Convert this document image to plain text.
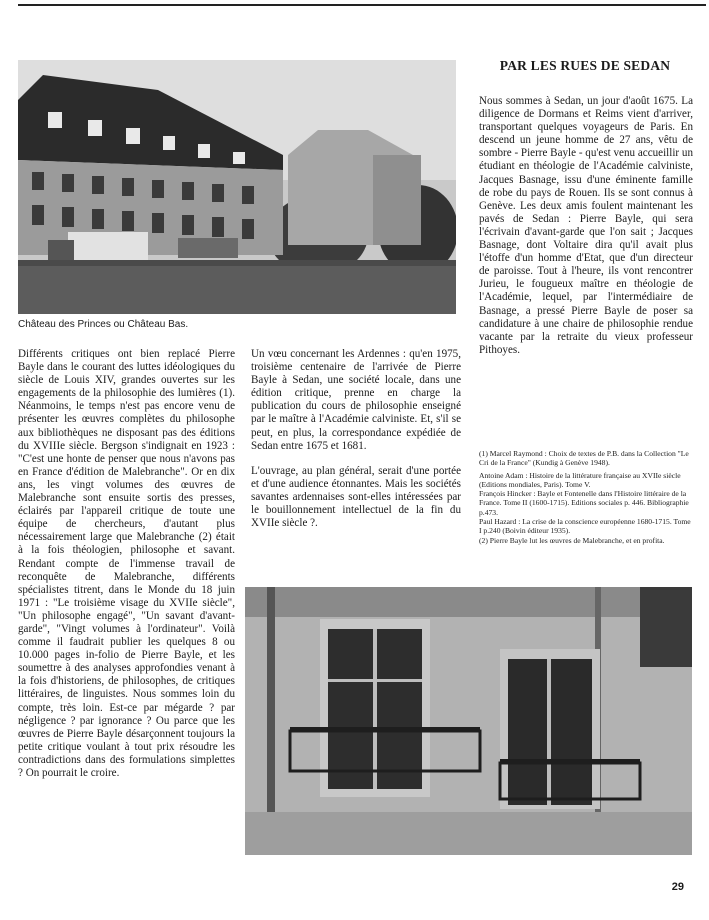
PAR LES RUES DE SEDAN
Château des Princes ou Château Bas.

Nous sommes à Sedan, un jour d'août 1675. La diligence de Dormans et Reims vient d'arriver, transportant quelques voyageurs de Paris. En descend un jeune homme de 27 ans, vêtu de sombre - Pierre Bayle - qu'est venu accueillir un étudiant en théologie de l'Académie calviniste, Jacques Basnage, issu d'une éminente famille de robe du pays de Rouen. Ils se sont connus à Genève. Les deux amis foulent maintenant les pavés de Sedan : Pierre Bayle, qui sera l'écrivain d'avant-garde que l'on sait ; Jacques Basnage, dont Voltaire dira qu'il avait plus l'étoffe d'un homme d'Etat, que d'un directeur de paroisse. Tout à l'heure, ils vont rencontrer Jurieu, le fougueux maître en théologie de l'Académie, lequel, par l'intermédiaire de Basnage, a pressé Pierre Bayle de poser sa candidature à une chaire de philosophie rendue vacante par la retraite du vieux professeur Pithoyes.

Différents critiques ont bien replacé Pierre Bayle dans le courant des luttes idéologiques du siècle de Louis XIV, grandes ouvertes sur les engagements de la philosophie des lumières (1). Néanmoins, le temps n'est pas encore venu de présenter les œuvres complètes du philosophe aux bibliothèques ne disposant pas des éditions du XVIIIe siècle. Bergson s'indignait en 1923 : "C'est une honte de penser que nous n'avons pas en France d'édition de Malebranche". Or en dix ans, les vingt volumes des œuvres de Malebranche sont ensuite sortis des presses, éclairés par l'appareil critique de toute une équipe de chercheurs, d'autant plus nécessairement large que Malebranche (2) était à la fois théologien, philosophe et savant. Rendant compte de l'immense travail de reconquête de Malebranche, différents spécialistes titrent, dans le Monde du 18 juin 1971 : "Le troisième visage du XVIIe siècle", "Un philosophe engagé", "Un savant d'avant-garde", "Vingt volumes à l'ordinateur". Voilà comme il faudrait publier les quelques 8 ou 10.000 pages in-folio de Pierre Bayle, et les soumettre à des analyses approfondies venant à la fois d'historiens, de philosophes, de critiques littéraires, de linguistes. Nous sommes loin du compte, très loin. Est-ce par mégarde ? par négligence ? par ignorance ? Ou parce que les œuvres de Pierre Bayle désarçonnent toujours la petite critique voulant à tout prix résoudre les contradictions dans des formulations simplettes ? On pourrait le croire.

Un vœu concernant les Ardennes : qu'en 1975, troisième centenaire de l'arrivée de Pierre Bayle à Sedan, une société locale, dans une édition critique, prenne en charge la publication du cours de philosophie enseigné par le maître à l'Académie calviniste. Et, s'il se peut, en plus, la correspondance expédiée de Sedan entre 1675 et 1681.

L'ouvrage, au plan général, serait d'une portée et d'une audience étonnantes. Mais les sociétés savantes ardennaises sont-elles intéressées par le bouillonnement intellectuel de la fin du XVIIe siècle ?.

(1) Marcel Raymond : Choix de textes de P.B. dans la Collection "Le Cri de la France" (Kundig à Genève 1948).

Antoine Adam : Histoire de la littérature française au XVIIe siècle (Editions mondiales, Paris). Tome V.

François Hincker : Bayle et Fontenelle dans l'Histoire littéraire de la France. Tome II (1600-1715). Editions sociales p. 446. Bibliographie p.473.

Paul Hazard : La crise de la conscience européenne 1680-1715. Tome I p.240 (Boivin éditeur 1935).

(2) Pierre Bayle lut les œuvres de Malebranche, et en profita.

29
